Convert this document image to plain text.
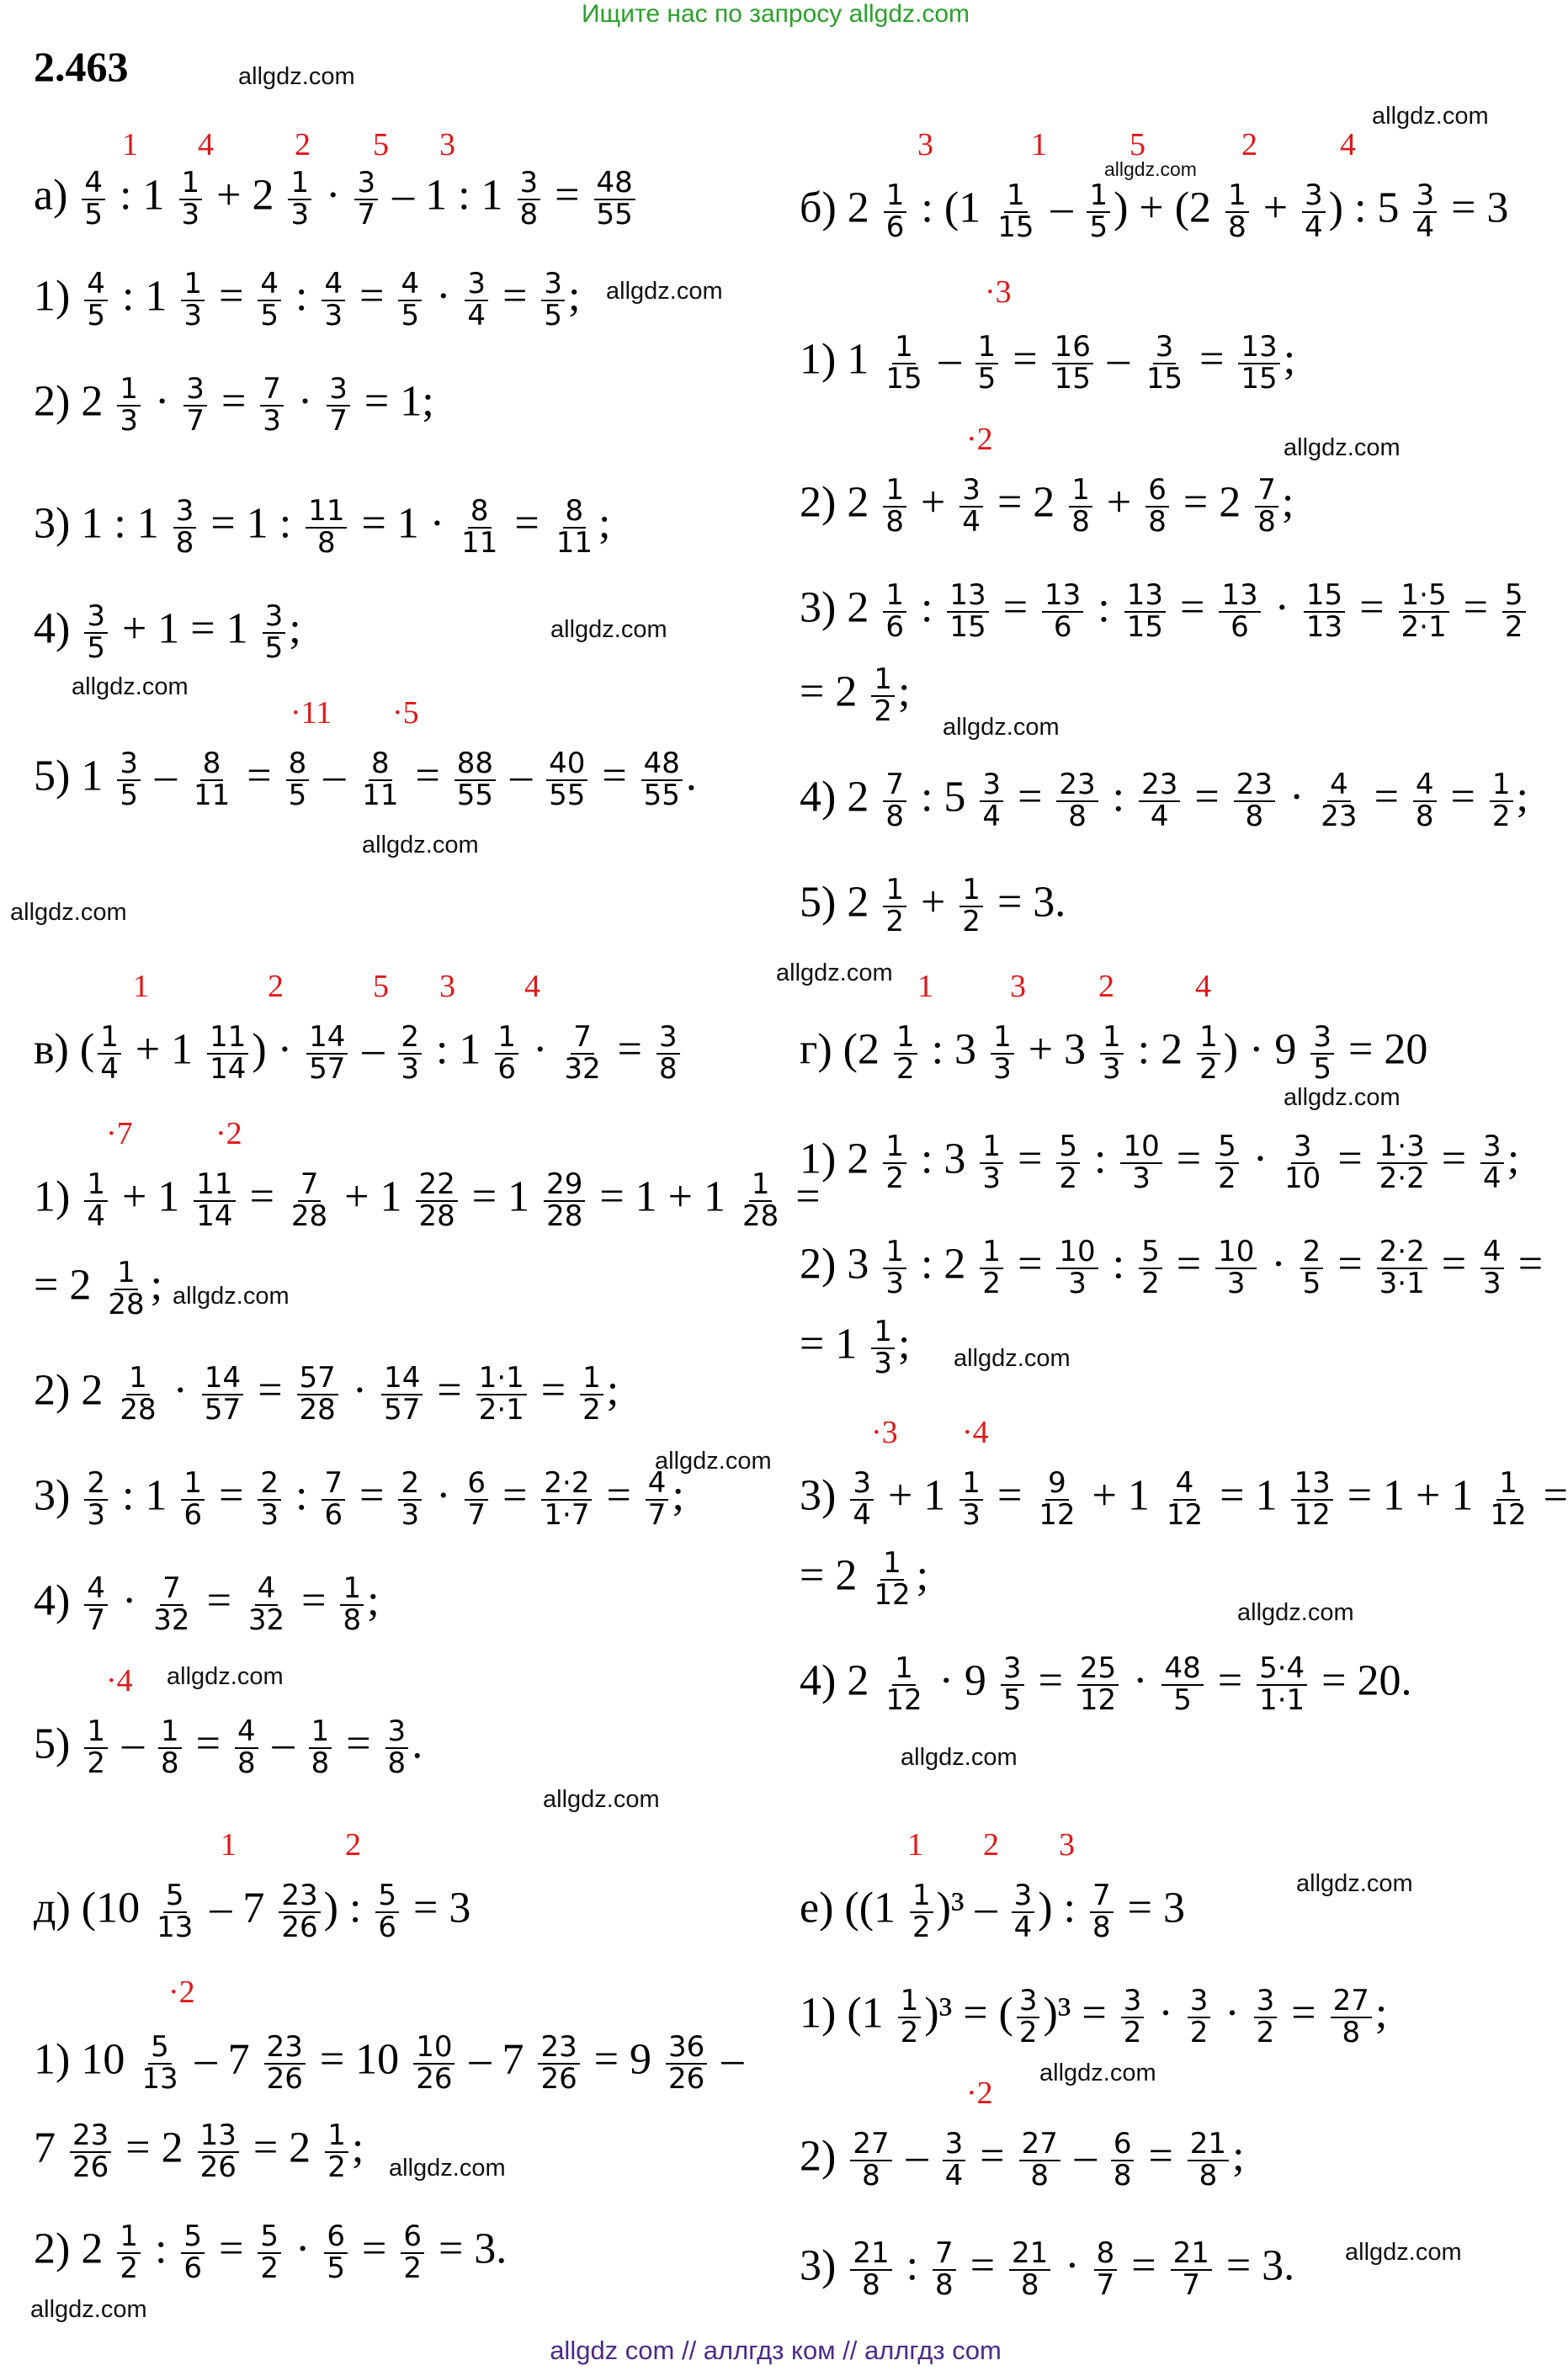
Ищите нас по запросу allgdz.com
2.463	allgdz.com
allgdz.com
allgdz.com
allgdz.com
allgdz.com
allgdz.com
allgdz.com
allgdz.com
allgdz.com
allgdz.com
allgdz.com
allgdz.com
allgdz.com
allgdz.com
allgdz.com
allgdz.com
allgdz.com
allgdz.com
allgdz.com
allgdz.com
allgdz.com
allgdz.com
allgdz.com
allgdz.com
1 4	2 5 3
$а) \frac{4}{5}$ : $1 \frac{1}{3} + 2 \frac{1}{3} \cdot \frac{3}{7} - 1$ : $1 \frac{3}{8} = \frac{48}{55}$
$1) \frac{4}{5}$ : $1 \frac{1}{3} = \frac{4}{5}$ : $\frac{4}{3} = \frac{4}{5} \cdot \frac{3}{4} = \frac{3}{5}$ ;
2) $2 \frac{1}{3} \cdot \frac{3}{7} = \frac{7}{3} \cdot \frac{3}{7} = 1$;
3) 1 : $1 \frac{3}{8} = 1$ : $\frac{11}{8} = 1 \cdot \frac{8}{11} = \frac{8}{11}$ ;
$4) \frac{3}{5} + 1 = 1 \frac{3}{5}$ ;
·11 ·5
5) $1 \frac{3}{5} - \frac{8}{11} = \frac{8}{5} - \frac{8}{11} = \frac{88}{55} - \frac{40}{55} = \frac{48}{55}$ .
3	1	5	2	4
б) $2 \frac{1}{6}$ : ($1 \frac{1}{15} - \frac{1}{5}$ ) + ($2 \frac{1}{8} + \frac{3}{4}$ ) : $5 \frac{3}{4} = 3$
·3
1) $1 \frac{1}{15} - \frac{1}{5} = \frac{16}{15} - \frac{3}{15} = \frac{13}{15}$ ;
·2
2) $2 \frac{1}{8} + \frac{3}{4} = 2 \frac{1}{8} + \frac{6}{8} = 2 \frac{7}{8}$ ;
3) $2 \frac{1}{6}$ : $\frac{13}{15} = \frac{13}{6}$ : $\frac{13}{15} = \frac{13}{6} \cdot \frac{15}{13} = \frac{1\cdot 5}{2\cdot 1} = \frac{5}{2}$
= $2 \frac{1}{2}$ ;
4) $2 \frac{7}{8}$ : $5 \frac{3}{4} = \frac{23}{8}$ : $\frac{23}{4} = \frac{23}{8} \cdot \frac{4}{23} = \frac{4}{8} = \frac{1}{2}$ ;
5) $2 \frac{1}{2} + \frac{1}{2} = 3$.
1	2	5 3 4
в) ( $\frac{1}{4} + 1 \frac{11}{14}$ ) · $\frac{14}{57} - \frac{2}{3}$ : $1 \frac{1}{6} \cdot \frac{7}{32} = \frac{3}{8}$
·7	·2
$1) \frac{1}{4} + 1 \frac{11}{14} = \frac{7}{28} + 1 \frac{22}{28} = 1 \frac{29}{28} = 1 + 1 \frac{1}{28}$ =
= $2 \frac{1}{28}$ ;
2) $2 \frac{1}{28} \cdot \frac{14}{57} = \frac{57}{28} \cdot \frac{14}{57} = \frac{1\cdot 1}{2\cdot 1} = \frac{1}{2}$ ;
$3) \frac{2}{3}$ : $1 \frac{1}{6} = \frac{2}{3}$ : $\frac{7}{6} = \frac{2}{3} \cdot \frac{6}{7} = \frac{2\cdot 2}{1\cdot 7} = \frac{4}{7}$ ;
$4) \frac{4}{7} \cdot \frac{7}{32} = \frac{4}{32} = \frac{1}{8}$ ;
·4
$5) \frac{1}{2} - \frac{1}{8} = \frac{4}{8} - \frac{1}{8} = \frac{3}{8}$ .
1 3 2	4
г) ($2 \frac{1}{2}$ : $3 \frac{1}{3} + 3 \frac{1}{3}$ : $2 \frac{1}{2}$ ) · $9 \frac{3}{5} = 20$
1) $2 \frac{1}{2}$ : $3 \frac{1}{3} = \frac{5}{2}$ : $\frac{10}{3} = \frac{5}{2} \cdot \frac{3}{10} = \frac{1\cdot 3}{2\cdot 2} = \frac{3}{4}$ ;
2) $3 \frac{1}{3}$ : $2 \frac{1}{2} = \frac{10}{3}$ : $\frac{5}{2} = \frac{10}{3} \cdot \frac{2}{5} = \frac{2\cdot 2}{3\cdot 1} = \frac{4}{3}$ =
= $1 \frac{1}{3}$ ;
·3 ·4
$3) \frac{3}{4} + 1 \frac{1}{3} = \frac{9}{12} + 1 \frac{4}{12} = 1 \frac{13}{12} = 1 + 1 \frac{1}{12}$ =
= $2 \frac{1}{12}$ ;
4) $2 \frac{1}{12} \cdot 9 \frac{3}{5} = \frac{25}{12} \cdot \frac{48}{5} = \frac{5\cdot 4}{1\cdot 1} = 20$.
1	2
д) ($10 \frac{5}{13} - 7 \frac{23}{26}$ ) : $\frac{5}{6} = 3$
·2
1) $10 \frac{5}{13} - 7 \frac{23}{26} = 10 \frac{10}{26} - 7 \frac{23}{26} = 9 \frac{36}{26}$ –
$7 \frac{23}{26} = 2 \frac{13}{26} = 2 \frac{1}{2}$ ;
2) $2 \frac{1}{2}$ : $\frac{5}{6} = \frac{5}{2} \cdot \frac{6}{5} = \frac{6}{2} = 3$.
1 2 3
е) ($(1 \frac{1}{2} )^3 - \frac{3}{4}$ ) : $\frac{7}{8} = 3$
1) $(1 \frac{1}{2} )^3$ = ( $\frac{3}{2} )^3 = \frac{3}{2} \cdot \frac{3}{2} \cdot \frac{3}{2} = \frac{27}{8}$ ;
·2
$2) \frac{27}{8} - \frac{3}{4} = \frac{27}{8} - \frac{6}{8} = \frac{21}{8}$ ;
$3) \frac{21}{8}$ : $\frac{7}{8} = \frac{21}{8} \cdot \frac{8}{7} = \frac{21}{7} = 3$.
allgdz com // аллгдз ком // аллгдз com
